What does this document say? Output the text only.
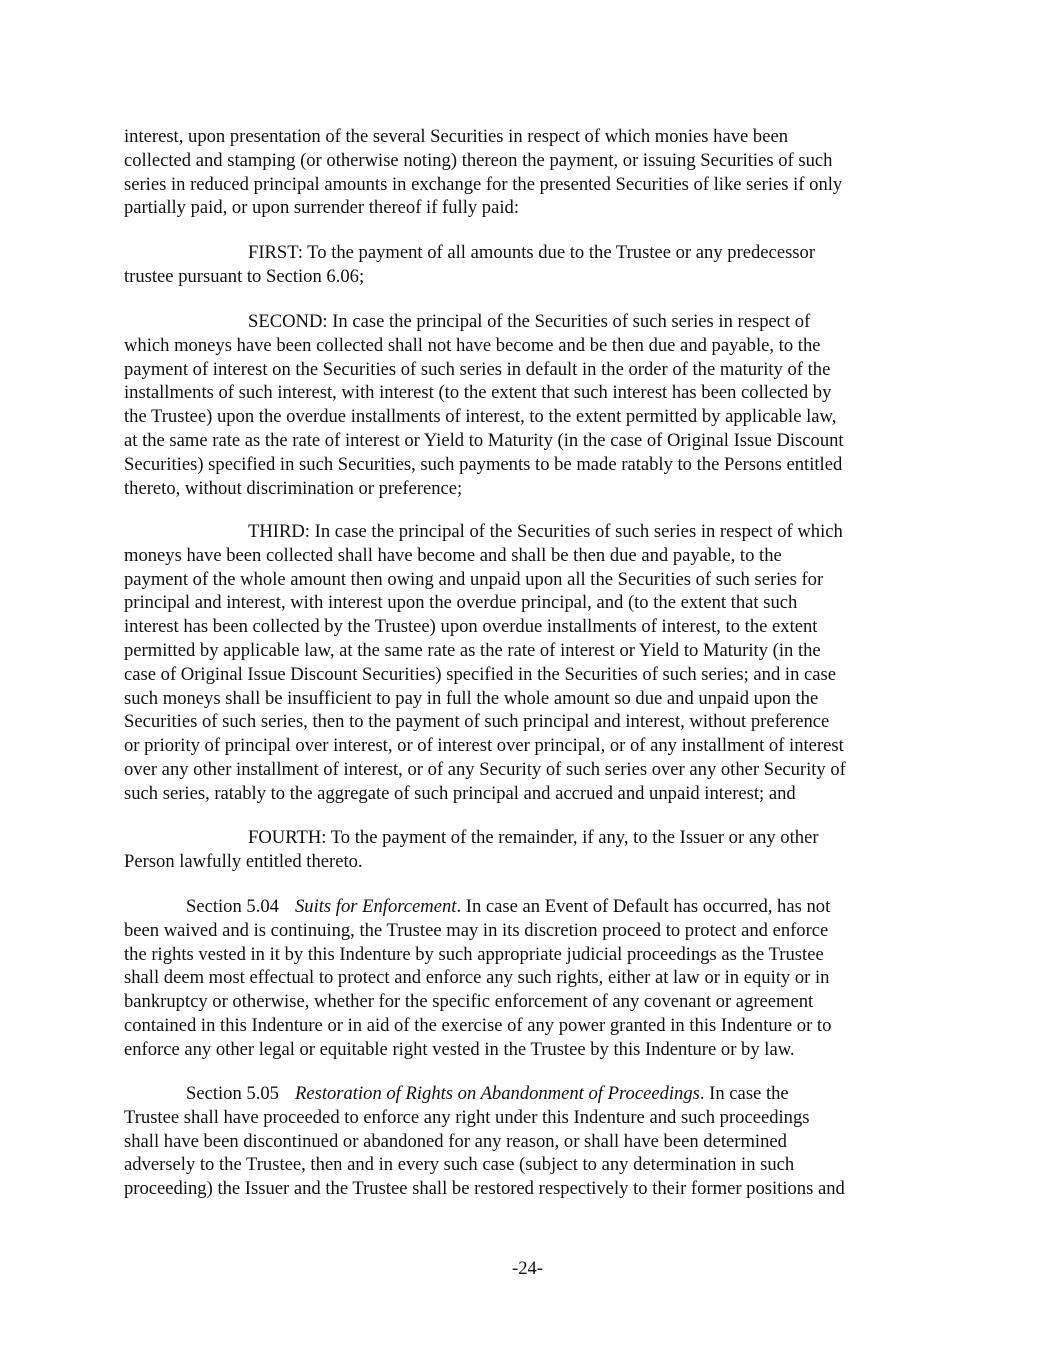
interest, upon presentation of the several Securities in respect of which monies have been
collected and stamping (or otherwise noting) thereon the payment, or issuing Securities of such
series in reduced principal amounts in exchange for the presented Securities of like series if only
partially paid, or upon surrender thereof if fully paid:
FIRST: To the payment of all amounts due to the Trustee or any predecessor
trustee pursuant to Section 6.06;
SECOND: In case the principal of the Securities of such series in respect of
which moneys have been collected shall not have become and be then due and payable, to the
payment of interest on the Securities of such series in default in the order of the maturity of the
installments of such interest, with interest (to the extent that such interest has been collected by
the Trustee) upon the overdue installments of interest, to the extent permitted by applicable law,
at the same rate as the rate of interest or Yield to Maturity (in the case of Original Issue Discount
Securities) specified in such Securities, such payments to be made ratably to the Persons entitled
thereto, without discrimination or preference;
THIRD: In case the principal of the Securities of such series in respect of which
moneys have been collected shall have become and shall be then due and payable, to the
payment of the whole amount then owing and unpaid upon all the Securities of such series for
principal and interest, with interest upon the overdue principal, and (to the extent that such
interest has been collected by the Trustee) upon overdue installments of interest, to the extent
permitted by applicable law, at the same rate as the rate of interest or Yield to Maturity (in the
case of Original Issue Discount Securities) specified in the Securities of such series; and in case
such moneys shall be insufficient to pay in full the whole amount so due and unpaid upon the
Securities of such series, then to the payment of such principal and interest, without preference
or priority of principal over interest, or of interest over principal, or of any installment of interest
over any other installment of interest, or of any Security of such series over any other Security of
such series, ratably to the aggregate of such principal and accrued and unpaid interest; and
FOURTH: To the payment of the remainder, if any, to the Issuer or any other
Person lawfully entitled thereto.
Section 5.04 Suits for Enforcement. In case an Event of Default has occurred, has not
been waived and is continuing, the Trustee may in its discretion proceed to protect and enforce
the rights vested in it by this Indenture by such appropriate judicial proceedings as the Trustee
shall deem most effectual to protect and enforce any such rights, either at law or in equity or in
bankruptcy or otherwise, whether for the specific enforcement of any covenant or agreement
contained in this Indenture or in aid of the exercise of any power granted in this Indenture or to
enforce any other legal or equitable right vested in the Trustee by this Indenture or by law.
Section 5.05 Restoration of Rights on Abandonment of Proceedings. In case the
Trustee shall have proceeded to enforce any right under this Indenture and such proceedings
shall have been discontinued or abandoned for any reason, or shall have been determined
adversely to the Trustee, then and in every such case (subject to any determination in such
proceeding) the Issuer and the Trustee shall be restored respectively to their former positions and
-24-
